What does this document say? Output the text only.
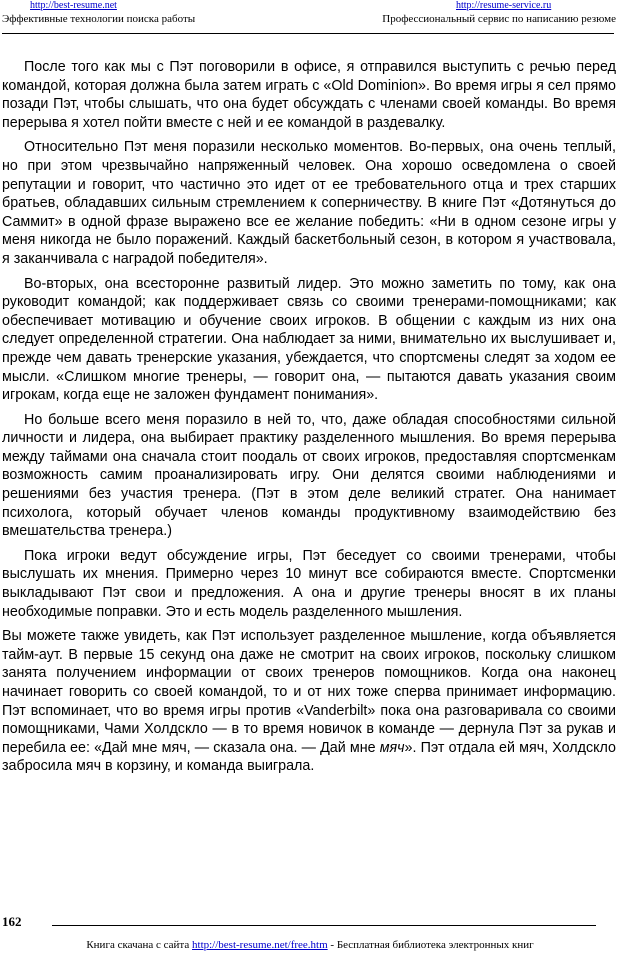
http://best-resume.net
Эффективные технологии поиска работы
http://resume-service.ru
Профессиональный сервис по написанию резюме

После того как мы с Пэт поговорили в офисе, я отправился выступить с речью перед командой, которая должна была затем играть с «Old Dominion». Во время игры я сел прямо позади Пэт, чтобы слышать, что она будет обсуждать с членами своей команды. Во время перерыва я хотел пойти вместе с ней и ее командой в раздевалку.

Относительно Пэт меня поразили несколько моментов. Во-первых, она очень теплый, но при этом чрезвычайно напряженный человек. Она хорошо осведомлена о своей репутации и говорит, что частично это идет от ее требовательного отца и трех старших братьев, обладавших сильным стремлением к соперничеству. В книге Пэт «Дотянуться до Саммит» в одной фразе выражено все ее желание победить: «Ни в одном сезоне игры у меня никогда не было поражений. Каждый баскетбольный сезон, в котором я участвовала, я заканчивала с наградой победителя».

Во-вторых, она всесторонне развитый лидер. Это можно заметить по тому, как она руководит командой; как поддерживает связь со своими тренерами-помощниками; как обеспечивает мотивацию и обучение своих игроков. В общении с каждым из них она следует определенной стратегии. Она наблюдает за ними, внимательно их выслушивает и, прежде чем давать тренерские указания, убеждается, что спортсмены следят за ходом ее мысли. «Слишком многие тренеры, — говорит она, — пытаются давать указания своим игрокам, когда еще не заложен фундамент понимания».

Но больше всего меня поразило в ней то, что, даже обладая способностями сильной личности и лидера, она выбирает практику разделенного мышления. Во время перерыва между таймами она сначала стоит поодаль от своих игроков, предоставляя спортсменкам возможность самим проанализировать игру. Они делятся своими наблюдениями и решениями без участия тренера. (Пэт в этом деле великий стратег. Она нанимает психолога, который обучает членов команды продуктивному взаимодействию без вмешательства тренера.)

Пока игроки ведут обсуждение игры, Пэт беседует со своими тренерами, чтобы выслушать их мнения. Примерно через 10 минут все собираются вместе. Спортсменки выкладывают Пэт свои и предложения. А она и другие тренеры вносят в их планы необходимые поправки. Это и есть модель разделенного мышления.

Вы можете также увидеть, как Пэт использует разделенное мышление, когда объявляется тайм-аут. В первые 15 секунд она даже не смотрит на своих игроков, поскольку слишком занята получением информации от своих тренеров помощников. Когда она наконец начинает говорить со своей командой, то и от них тоже сперва принимает информацию. Пэт вспоминает, что во время игры против «Vanderbilt» пока она разговаривала со своими помощниками, Чами Холдскло — в то время новичок в команде — дернула Пэт за рукав и перебила ее: «Дай мне мяч, — сказала она. — Дай мне мяч». Пэт отдала ей мяч, Холдскло забросила мяч в корзину, и команда выиграла.

162
Книга скачана с сайта http://best-resume.net/free.htm - Бесплатная библиотека электронных книг
